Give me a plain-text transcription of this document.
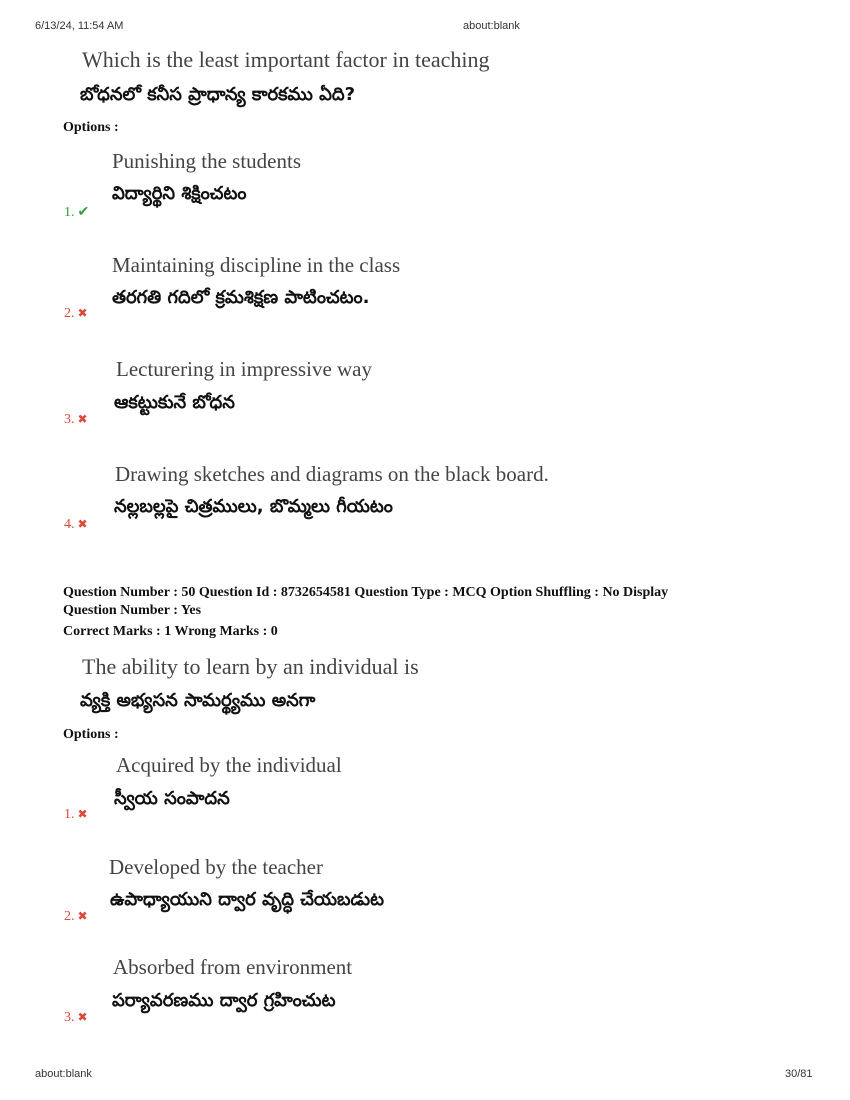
6/13/24, 11:54 AM	about:blank
Which is the least important factor in teaching
బోధనలో కనీస ప్రాధాన్య కారకము ఏది?
Options :
Punishing the students
విద్యార్థిని శిక్షించటం
1. ✔
Maintaining discipline in the class
తరగతి గదిలో క్రమశిక్షణ పాటించటం.
2. ✖
Lecturering in impressive way
ఆకట్టుకునే బోధన
3. ✖
Drawing sketches and diagrams on the black board.
నల్లబల్లపై చిత్రములు, బొమ్మలు గీయటం
4. ✖
Question Number : 50 Question Id : 8732654581 Question Type : MCQ Option Shuffling : No Display
Question Number : Yes
Correct Marks : 1 Wrong Marks : 0
The ability to learn by an individual is
వ్యక్తి అభ్యసన సామర్థ్యము అనగా
Options :
Acquired by the individual
స్వీయ సంపాదన
1. ✖
Developed by the teacher
ఉపాధ్యాయుని ద్వార వృద్ధి చేయబడుట
2. ✖
Absorbed from environment
పర్యావరణము ద్వార గ్రహించుట
3. ✖
about:blank	30/81
